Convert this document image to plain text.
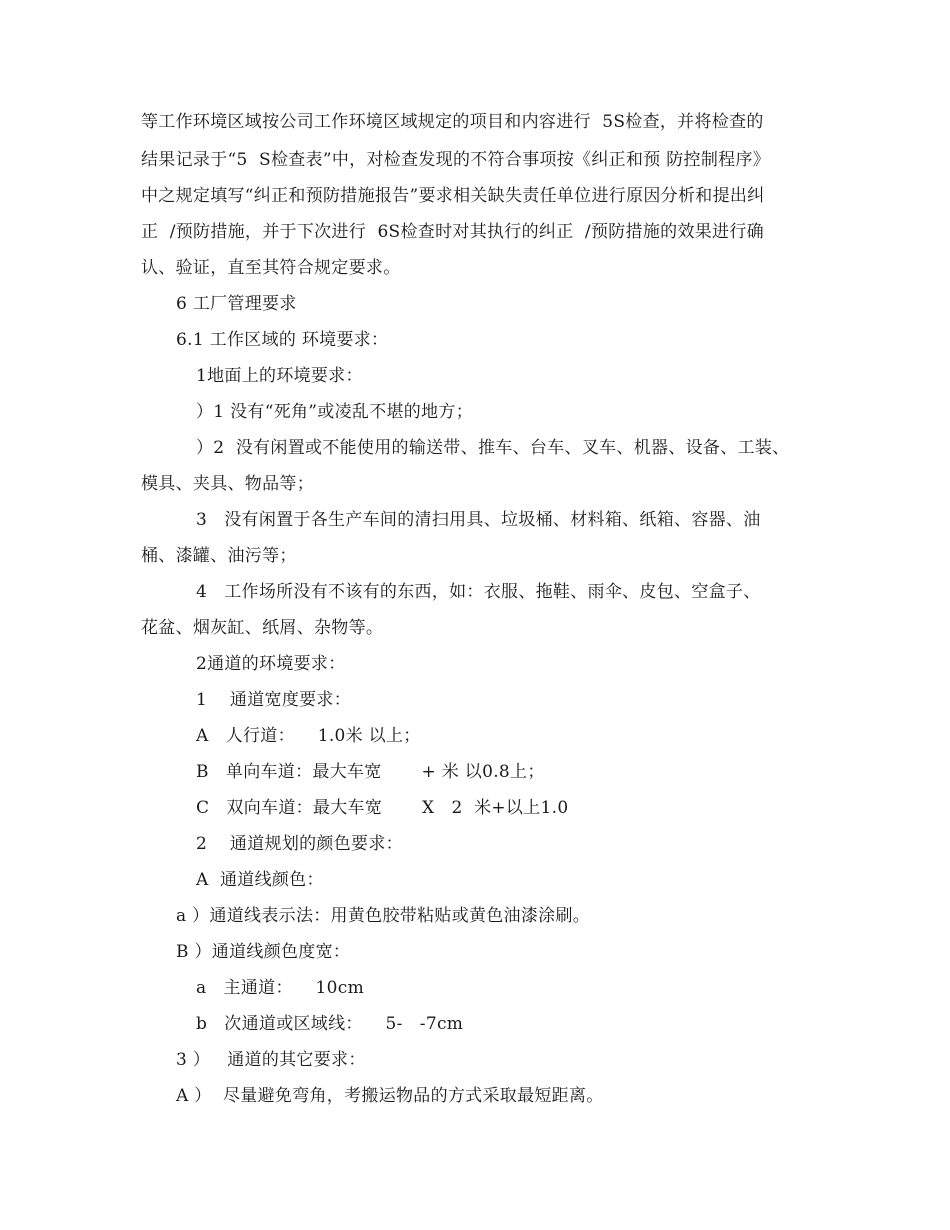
等工作环境区域按公司工作环境区域规定的项目和内容进行  5S检查，并将检查的
结果记录于“5  S检查表”中，对检查发现的不符合事项按《纠正和预 防控制程序》
中之规定填写“纠正和预防措施报告”要求相关缺失责任单位进行原因分析和提出纠
正  /预防措施，并于下次进行  6S检查时对其执行的纠正  /预防措施的效果进行确
认、验证，直至其符合规定要求。
6 工厂管理要求
6.1 工作区域的 环境要求：
1地面上的环境要求：
）1 没有“死角”或凌乱不堪的地方；
）2  没有闲置或不能使用的输送带、推车、台车、叉车、机器、设备、工装、
模具、夹具、物品等；
3   没有闲置于各生产车间的清扫用具、垃圾桶、材料箱、纸箱、容器、油
桶、漆罐、油污等；
4   工作场所没有不该有的东西，如：衣服、拖鞋、雨伞、皮包、空盒子、
花盆、烟灰缸、纸屑、杂物等。
2通道的环境要求：
1    通道宽度要求：
A   人行道：    1.0米 以上；
B   单向车道：最大车宽       + 米 以0.8上；
C   双向车道：最大车宽       X   2  米+以上1.0
2    通道规划的颜色要求：
A  通道线颜色：
a ）通道线表示法：用黄色胶带粘贴或黄色油漆涂刷。
B ）通道线颜色度宽：
a   主通道：    10cm
b   次通道或区域线：    5-   -7cm
3 ）   通道的其它要求：
A ）  尽量避免弯角，考搬运物品的方式采取最短距离。
